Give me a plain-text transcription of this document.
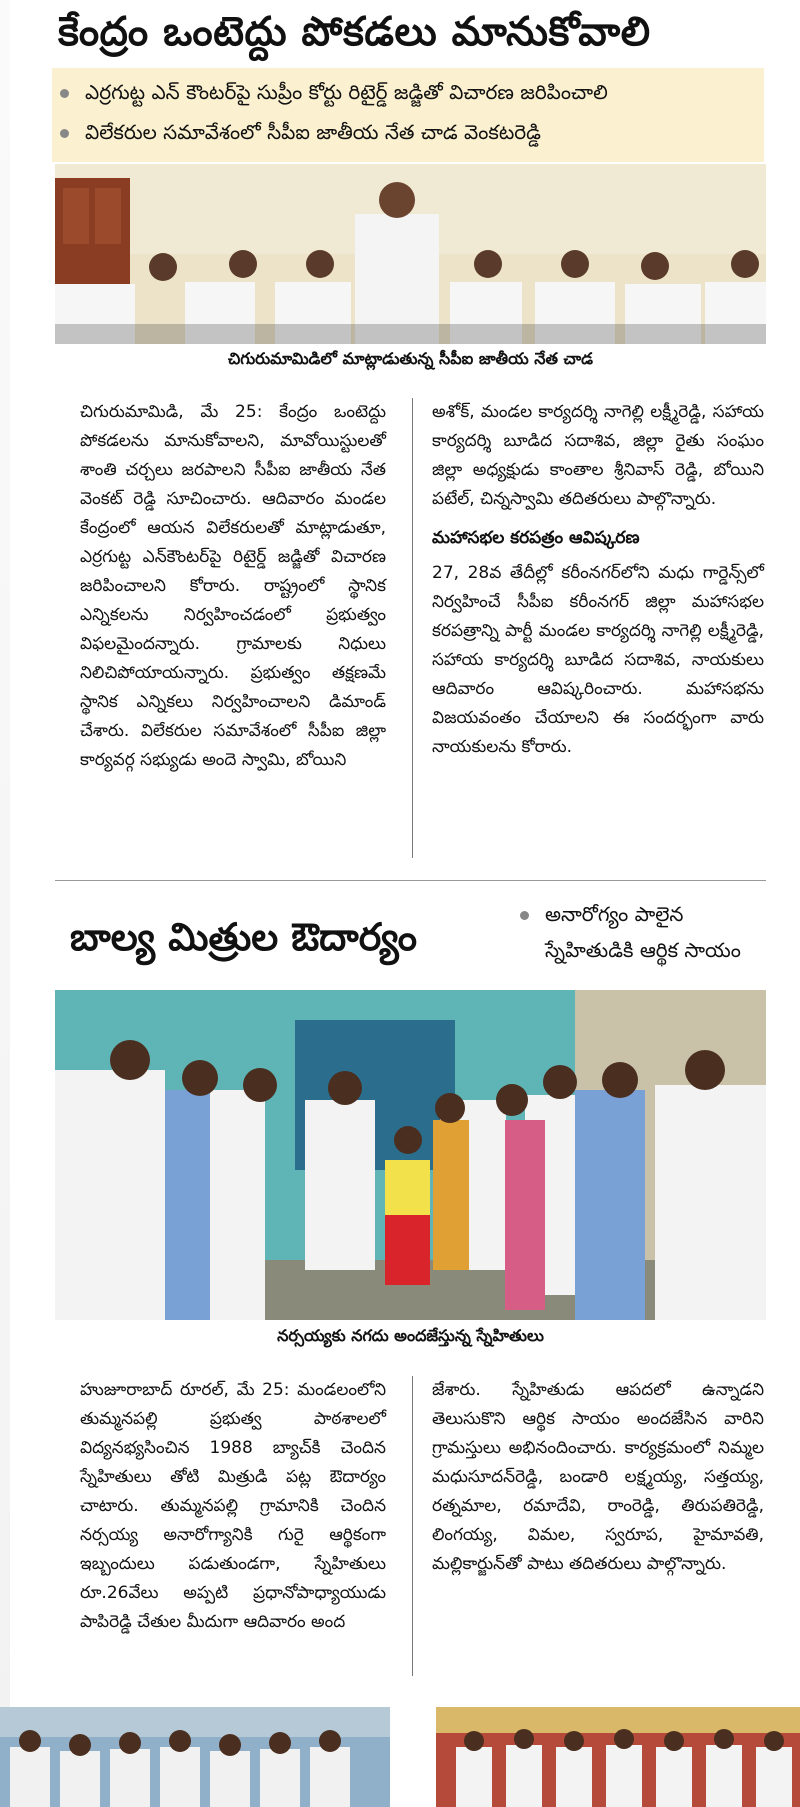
కేంద్రం ఒంటెద్దు పోకడలు మానుకోవాలి
ఎర్రగుట్ట ఎన్ కౌంటర్‌పై సుప్రీం కోర్టు రిటైర్డ్ జడ్జితో విచారణ జరిపించాలి
విలేకరుల సమావేశంలో సీపీఐ జాతీయ నేత చాడ వెంకటరెడ్డి
చిగురుమామిడిలో మాట్లాడుతున్న సీపీఐ జాతీయ నేత చాడ

చిగురుమామిడి, మే 25: కేంద్రం ఒంటెద్దు పోకడలను మానుకోవాలని, మావోయిస్టులతో శాంతి చర్చలు జరపాలని సీపీఐ జాతీయ నేత వెంకట్ రెడ్డి సూచించారు. ఆదివారం మండల కేంద్రంలో ఆయన విలేకరులతో మాట్లాడుతూ, ఎర్రగుట్ట ఎన్‌కౌంటర్‌పై రిటైర్డ్ జడ్జితో విచారణ జరిపించాలని కోరారు. రాష్ట్రంలో స్థానిక ఎన్నికలను నిర్వహించడంలో ప్రభుత్వం విఫలమైందన్నారు. గ్రామాలకు నిధులు నిలిచిపోయాయన్నారు. ప్రభుత్వం తక్షణమే స్థానిక ఎన్నికలు నిర్వహించాలని డిమాండ్ చేశారు. విలేకరుల సమావేశంలో సీపీఐ జిల్లా కార్యవర్గ సభ్యుడు అందె స్వామి, బోయిని

అశోక్, మండల కార్యదర్శి నాగెల్లి లక్ష్మీరెడ్డి, సహాయ కార్యదర్శి బూడిద సదాశివ, జిల్లా రైతు సంఘం జిల్లా అధ్యక్షుడు కాంతాల శ్రీనివాస్ రెడ్డి, బోయిని పటేల్, చిన్నస్వామి తదితరులు పాల్గొన్నారు.

మహాసభల కరపత్రం ఆవిష్కరణ

27, 28వ తేదీల్లో కరీంనగర్‌లోని మధు గార్డెన్స్‌లో నిర్వహించే సీపీఐ కరీంనగర్ జిల్లా మహాసభల కరపత్రాన్ని పార్టీ మండల కార్యదర్శి నాగెల్లి లక్ష్మీరెడ్డి, సహాయ కార్యదర్శి బూడిద సదాశివ, నాయకులు ఆదివారం ఆవిష్కరించారు. మహాసభను విజయవంతం చేయాలని ఈ సందర్భంగా వారు నాయకులను కోరారు.

బాల్య మిత్రుల ఔదార్యం
అనారోగ్యం పాలైన
స్నేహితుడికి ఆర్థిక సాయం
నర్సయ్యకు నగదు అందజేస్తున్న స్నేహితులు

హుజూరాబాద్ రూరల్, మే 25: మండలంలోని తుమ్మనపల్లి ప్రభుత్వ పాఠశాలలో విద్యనభ్యసించిన 1988 బ్యాచ్‌కి చెందిన స్నేహితులు తోటి మిత్రుడి పట్ల ఔదార్యం చాటారు. తుమ్మనపల్లి గ్రామానికి చెందిన నర్సయ్య అనారోగ్యానికి గురై ఆర్థికంగా ఇబ్బందులు పడుతుండగా, స్నేహితులు రూ.26వేలు అప్పటి ప్రధానోపాధ్యాయుడు పాపిరెడ్డి చేతుల మీదుగా ఆదివారం అంద

జేశారు. స్నేహితుడు ఆపదలో ఉన్నాడని తెలుసుకొని ఆర్థిక సాయం అందజేసిన వారిని గ్రామస్తులు అభినందించారు. కార్యక్రమంలో నిమ్మల మధుసూదన్‌రెడ్డి, బండారి లక్ష్మయ్య, సత్తయ్య, రత్నమాల, రమాదేవి, రాంరెడ్డి, తిరుపతిరెడ్డి, లింగయ్య, విమల, స్వరూప, హైమావతి, మల్లికార్జున్‌తో పాటు తదితరులు పాల్గొన్నారు.
